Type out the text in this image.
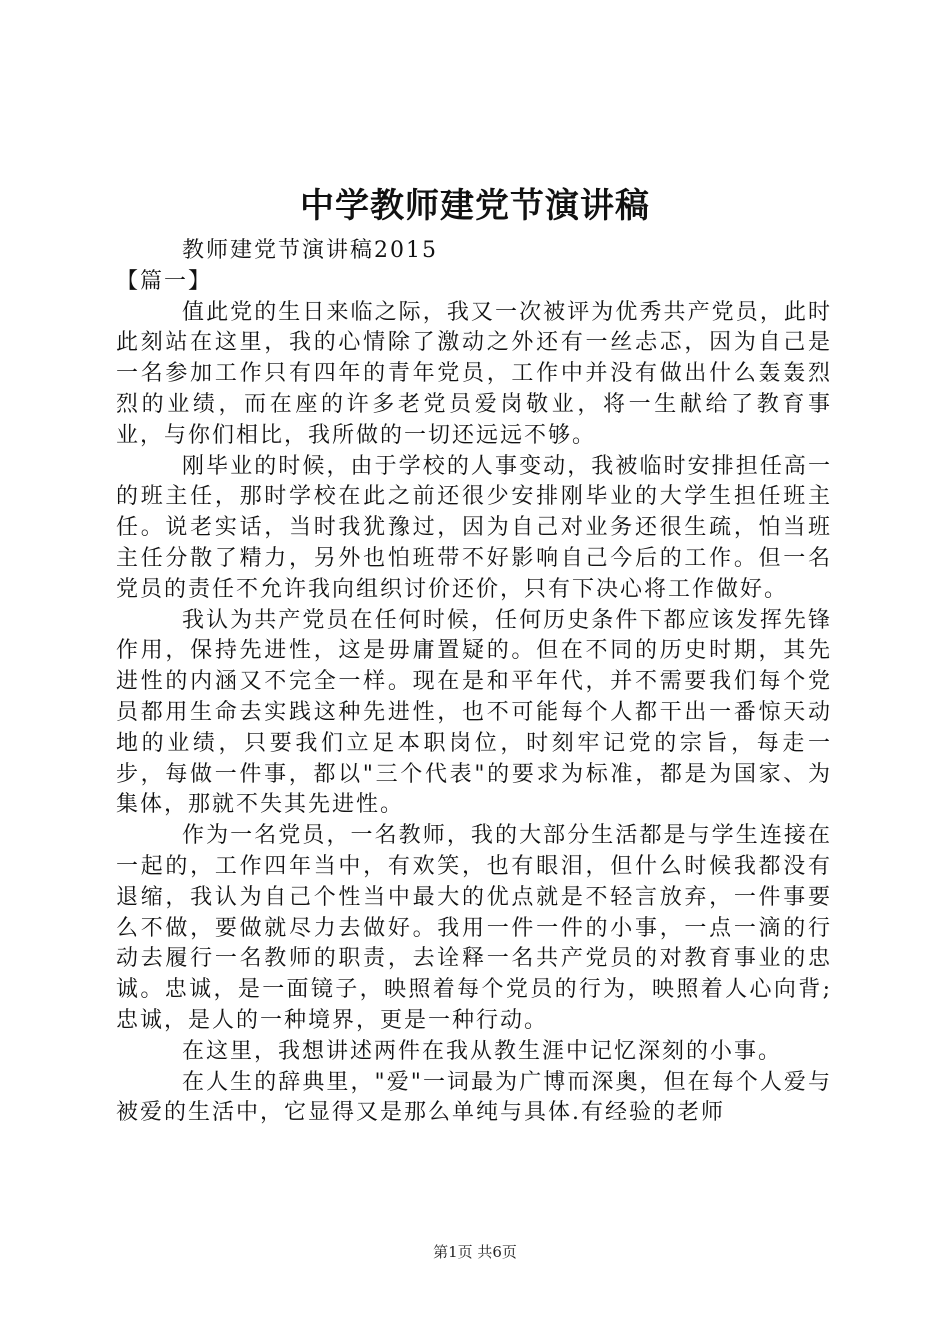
中学教师建党节演讲稿

教师建党节演讲稿2015

【篇一】

值此党的生日来临之际，我又一次被评为优秀共产党员，此时此刻站在这里，我的心情除了激动之外还有一丝忐忑，因为自己是一名参加工作只有四年的青年党员，工作中并没有做出什么轰轰烈烈的业绩，而在座的许多老党员爱岗敬业，将一生献给了教育事业，与你们相比，我所做的一切还远远不够。

刚毕业的时候，由于学校的人事变动，我被临时安排担任高一的班主任，那时学校在此之前还很少安排刚毕业的大学生担任班主任。说老实话，当时我犹豫过，因为自己对业务还很生疏，怕当班主任分散了精力，另外也怕班带不好影响自己今后的工作。但一名党员的责任不允许我向组织讨价还价，只有下决心将工作做好。

我认为共产党员在任何时候，任何历史条件下都应该发挥先锋作用，保持先进性，这是毋庸置疑的。但在不同的历史时期，其先进性的内涵又不完全一样。现在是和平年代，并不需要我们每个党员都用生命去实践这种先进性，也不可能每个人都干出一番惊天动地的业绩，只要我们立足本职岗位，时刻牢记党的宗旨，每走一步，每做一件事，都以"三个代表"的要求为标准，都是为国家、为集体，那就不失其先进性。

作为一名党员，一名教师，我的大部分生活都是与学生连接在一起的，工作四年当中，有欢笑，也有眼泪，但什么时候我都没有退缩，我认为自己个性当中最大的优点就是不轻言放弃，一件事要么不做，要做就尽力去做好。我用一件一件的小事，一点一滴的行动去履行一名教师的职责，去诠释一名共产党员的对教育事业的忠诚。忠诚，是一面镜子，映照着每个党员的行为，映照着人心向背;忠诚，是人的一种境界，更是一种行动。

在这里，我想讲述两件在我从教生涯中记忆深刻的小事。

在人生的辞典里，"爱"一词最为广博而深奥，但在每个人爱与被爱的生活中，它显得又是那么单纯与具体.有经验的老师

第1页 共6页
